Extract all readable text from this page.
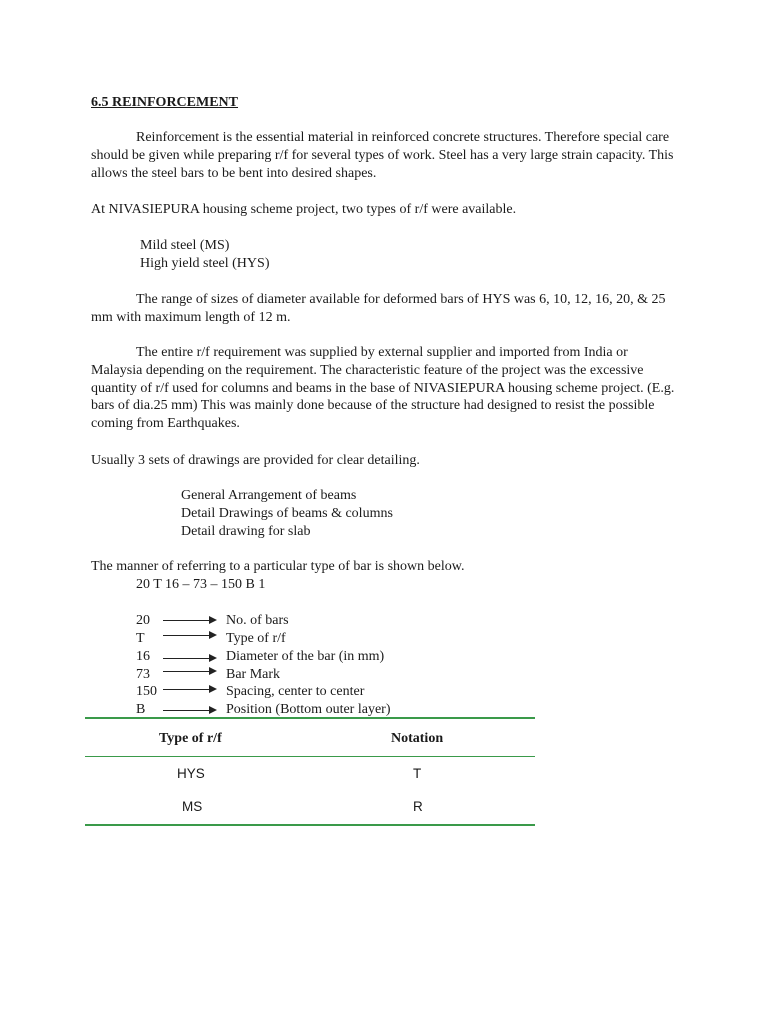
6.5 REINFORCEMENT
Reinforcement is the essential material in reinforced concrete structures. Therefore special care should be given while preparing r/f for several types of work. Steel has a very large strain capacity. This allows the steel bars to be bent into desired shapes.
At NIVASIEPURA housing scheme project, two types of r/f were available.
Mild steel (MS)
High yield steel (HYS)
The range of sizes of diameter available for deformed bars of HYS was 6, 10, 12, 16, 20, & 25 mm with maximum length of 12 m.
The entire r/f requirement was supplied by external supplier and imported from India or Malaysia depending on the requirement. The characteristic feature of the project was the excessive quantity of r/f used for columns and beams in the base of NIVASIEPURA housing scheme project. (E.g. bars of dia.25 mm) This was mainly done because of the structure had designed to resist the possible coming from Earthquakes.
Usually 3 sets of drawings are provided for clear detailing.
General Arrangement of beams
Detail Drawings of beams & columns
Detail drawing for slab
The manner of referring to a particular type of bar is shown below.
20 T 16 – 73 – 150 B 1
20	No. of bars
T	Type of r/f
16	Diameter of the bar (in mm)
73	Bar Mark
150	Spacing, center to center
B	Position (Bottom outer layer)
Type of r/f	Notation
HYS	T
MS	R
